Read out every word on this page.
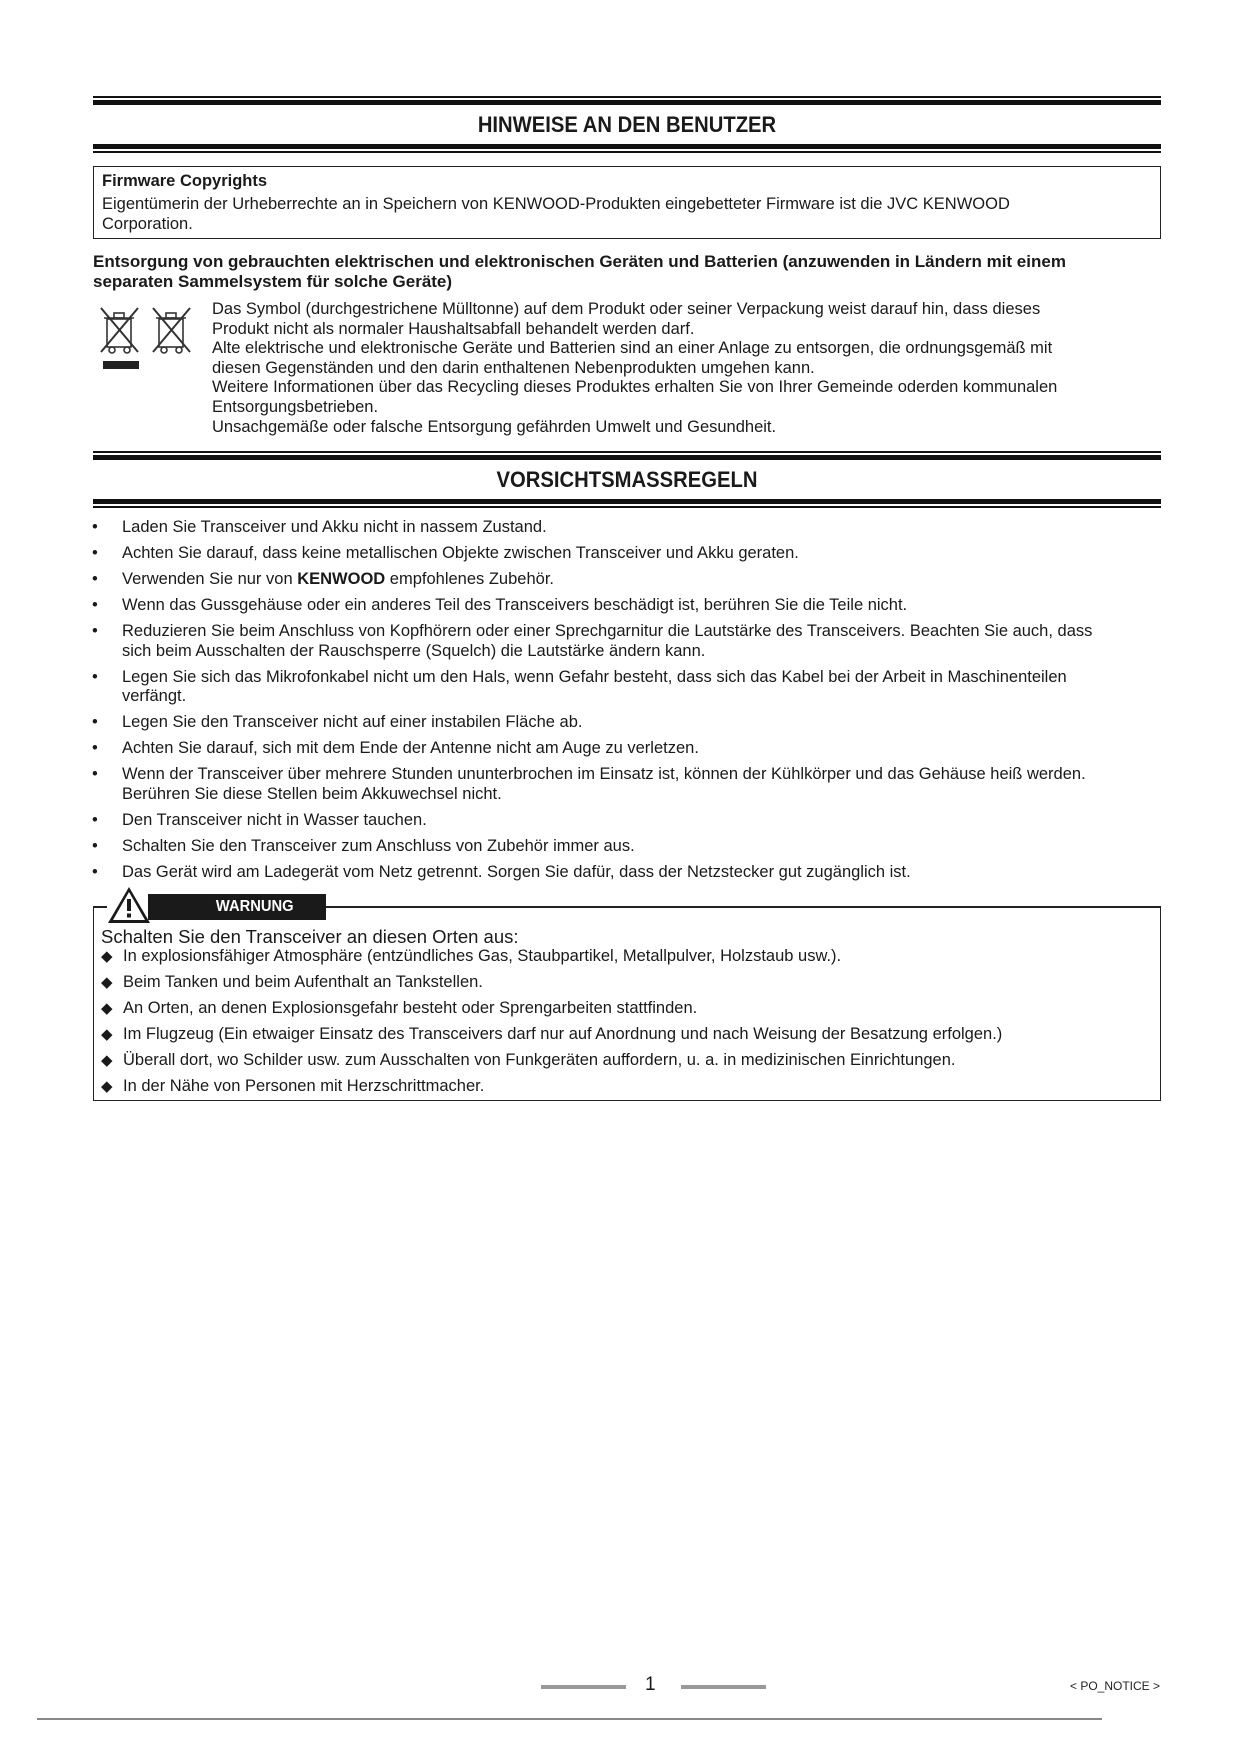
HINWEISE AN DEN BENUTZER
Firmware Copyrights
Eigentümerin der Urheberrechte an in Speichern von KENWOOD-Produkten eingebetteter Firmware ist die JVC KENWOOD
Corporation.
Entsorgung von gebrauchten elektrischen und elektronischen Geräten und Batterien (anzuwenden in Ländern mit einem
separaten Sammelsystem für solche Geräte)
Das Symbol (durchgestrichene Mülltonne) auf dem Produkt oder seiner Verpackung weist darauf hin, dass dieses
Produkt nicht als normaler Haushaltsabfall behandelt werden darf.
Alte elektrische und elektronische Geräte und Batterien sind an einer Anlage zu entsorgen, die ordnungsgemäß mit
diesen Gegenständen und den darin enthaltenen Nebenprodukten umgehen kann.
Weitere Informationen über das Recycling dieses Produktes erhalten Sie von Ihrer Gemeinde oderden kommunalen
Entsorgungsbetrieben.
Unsachgemäße oder falsche Entsorgung gefährden Umwelt und Gesundheit.
VORSICHTSMASSREGELN
• Laden Sie Transceiver und Akku nicht in nassem Zustand.
• Achten Sie darauf, dass keine metallischen Objekte zwischen Transceiver und Akku geraten.
• Verwenden Sie nur von KENWOOD empfohlenes Zubehör.
• Wenn das Gussgehäuse oder ein anderes Teil des Transceivers beschädigt ist, berühren Sie die Teile nicht.
• Reduzieren Sie beim Anschluss von Kopfhörern oder einer Sprechgarnitur die Lautstärke des Transceivers. Beachten Sie auch, dass
sich beim Ausschalten der Rauschsperre (Squelch) die Lautstärke ändern kann.
• Legen Sie sich das Mikrofonkabel nicht um den Hals, wenn Gefahr besteht, dass sich das Kabel bei der Arbeit in Maschinenteilen
verfängt.
• Legen Sie den Transceiver nicht auf einer instabilen Fläche ab.
• Achten Sie darauf, sich mit dem Ende der Antenne nicht am Auge zu verletzen.
• Wenn der Transceiver über mehrere Stunden ununterbrochen im Einsatz ist, können der Kühlkörper und das Gehäuse heiß werden.
Berühren Sie diese Stellen beim Akkuwechsel nicht.
• Den Transceiver nicht in Wasser tauchen.
• Schalten Sie den Transceiver zum Anschluss von Zubehör immer aus.
• Das Gerät wird am Ladegerät vom Netz getrennt. Sorgen Sie dafür, dass der Netzstecker gut zugänglich ist.
WARNUNG
Schalten Sie den Transceiver an diesen Orten aus:
◆ In explosionsfähiger Atmosphäre (entzündliches Gas, Staubpartikel, Metallpulver, Holzstaub usw.).
◆ Beim Tanken und beim Aufenthalt an Tankstellen.
◆ An Orten, an denen Explosionsgefahr besteht oder Sprengarbeiten stattfinden.
◆ Im Flugzeug (Ein etwaiger Einsatz des Transceivers darf nur auf Anordnung und nach Weisung der Besatzung erfolgen.)
◆ Überall dort, wo Schilder usw. zum Ausschalten von Funkgeräten auffordern, u. a. in medizinischen Einrichtungen.
◆ In der Nähe von Personen mit Herzschrittmacher.
1	< PO_NOTICE >
